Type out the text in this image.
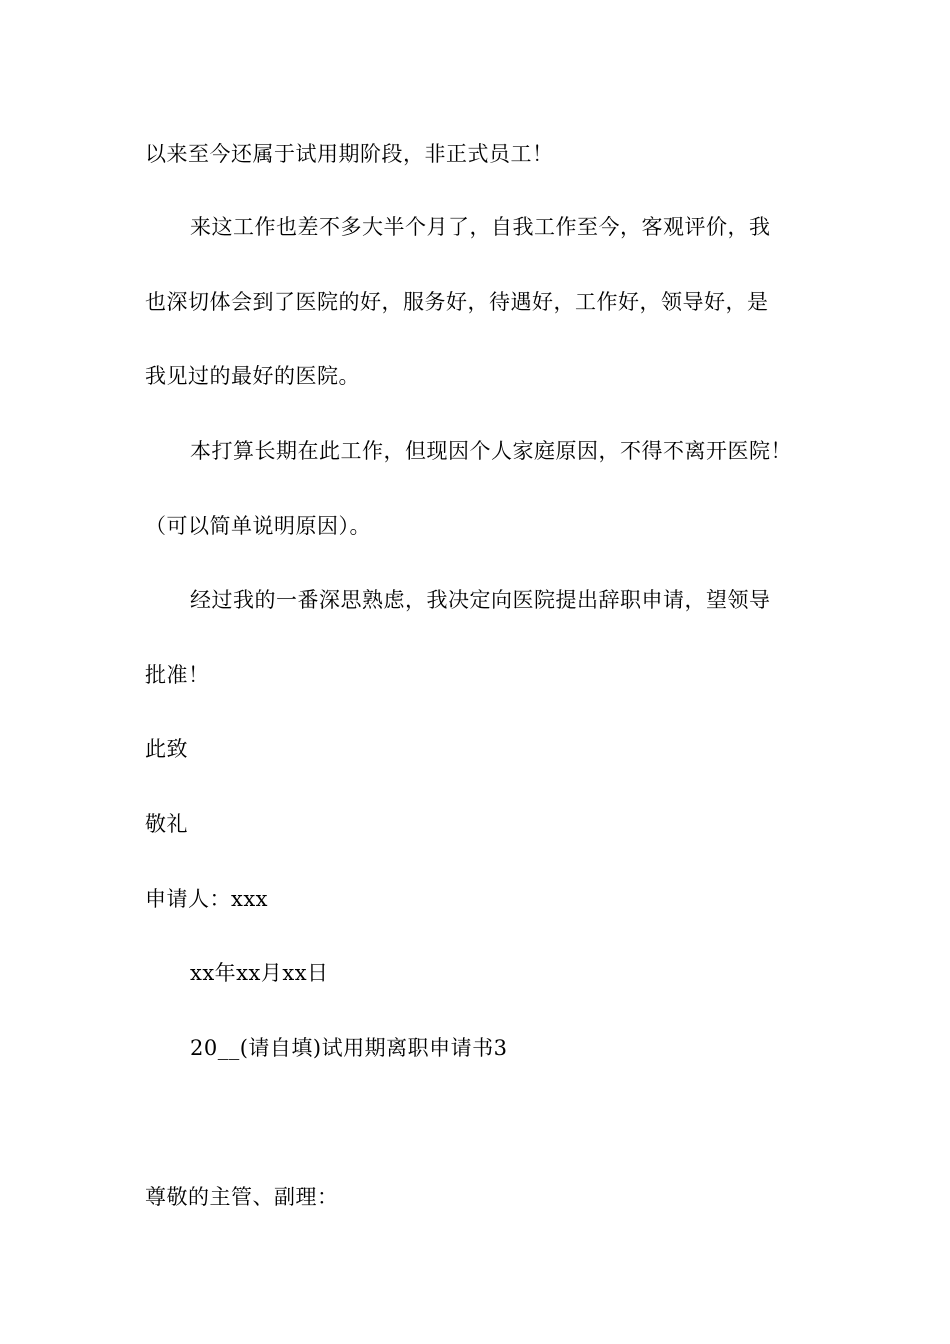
以来至今还属于试用期阶段，非正式员工！
来这工作也差不多大半个月了，自我工作至今，客观评价，我
也深切体会到了医院的好，服务好，待遇好，工作好，领导好，是
我见过的最好的医院。
本打算长期在此工作，但现因个人家庭原因，不得不离开医院！
（可以简单说明原因）。
经过我的一番深思熟虑，我决定向医院提出辞职申请，望领导
批准！
此致
敬礼
申请人：xxx
xx年xx月xx日
20__(请自填)试用期离职申请书3
尊敬的主管、副理：
